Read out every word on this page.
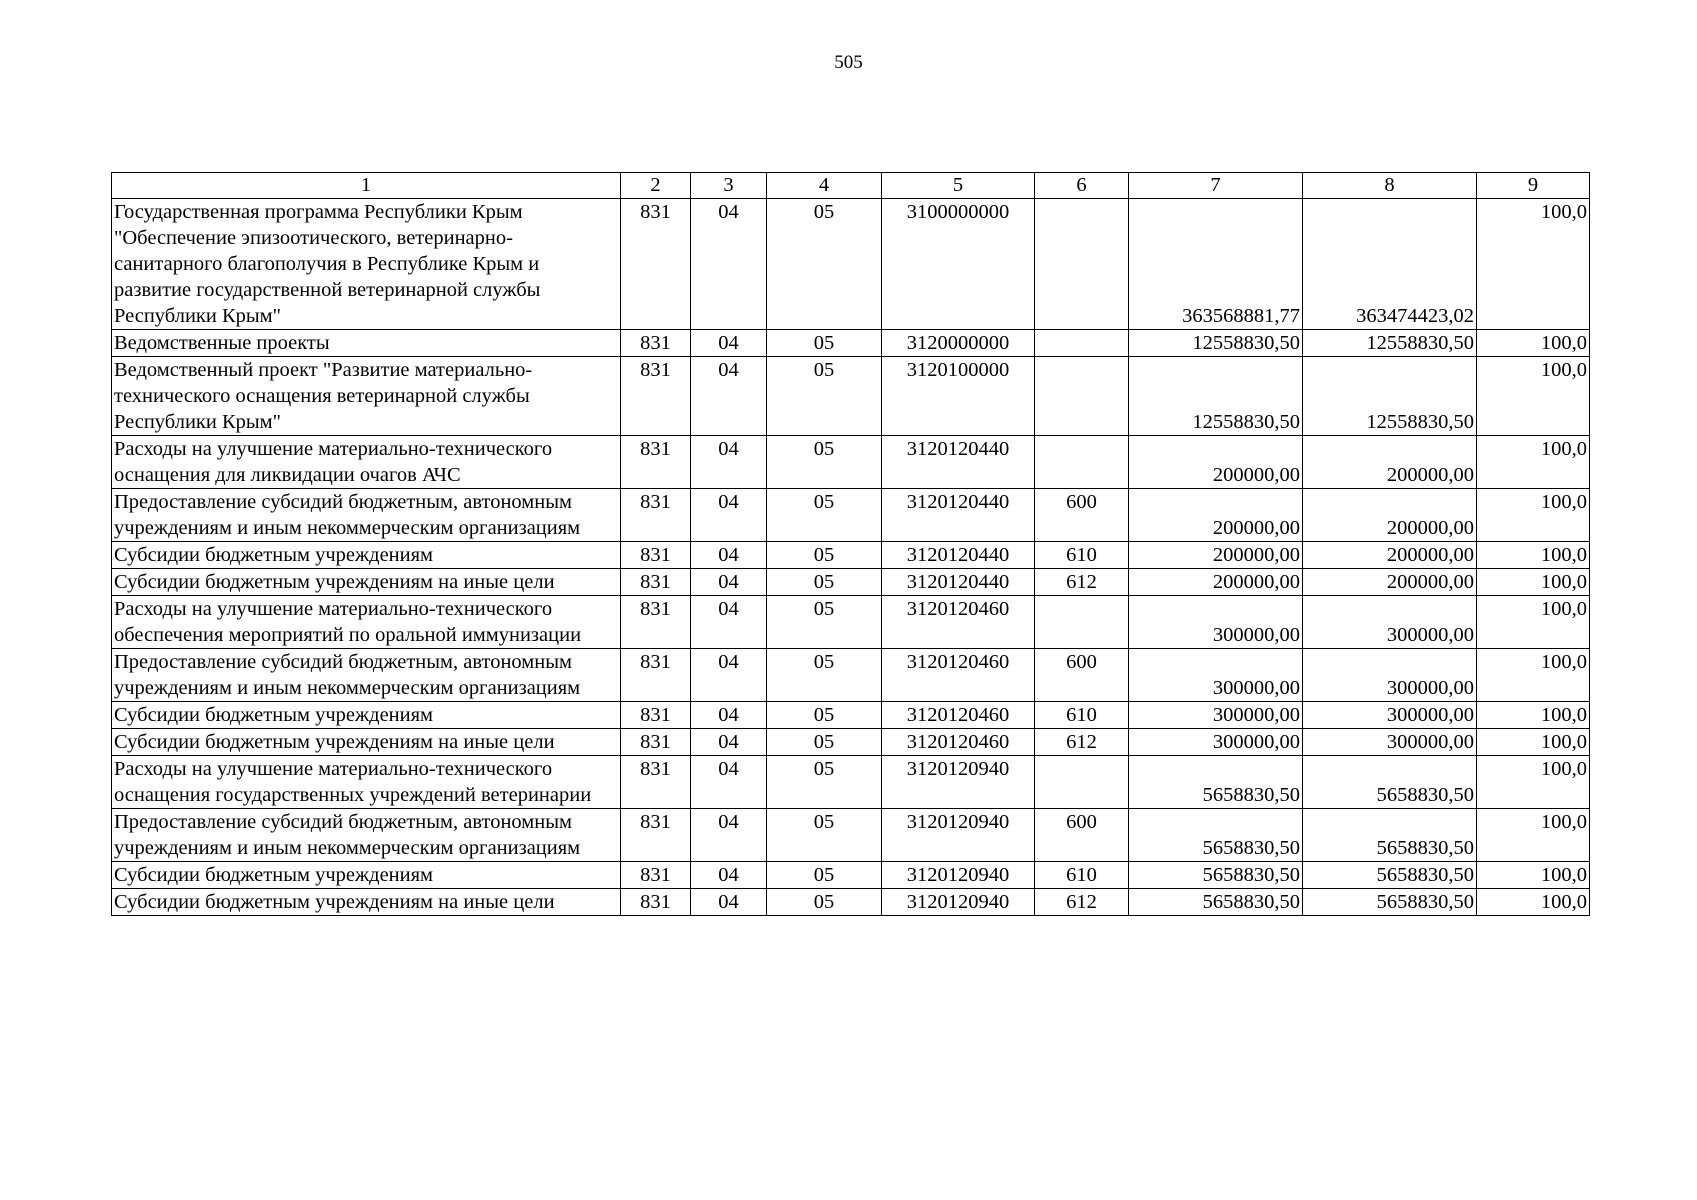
505
1	2	3	4	5	6	7	8	9
Государственная программа Республики Крым "Обеспечение эпизоотического, ветеринарно-санитарного благополучия в Республике Крым и развитие государственной ветеринарной службы Республики Крым"	831	04	05	3100000000		363568881,77	363474423,02	100,0
Ведомственные проекты	831	04	05	3120000000		12558830,50	12558830,50	100,0
Ведомственный проект "Развитие материально-технического оснащения ветеринарной службы Республики Крым"	831	04	05	3120100000		12558830,50	12558830,50	100,0
Расходы на улучшение материально-технического оснащения для ликвидации очагов АЧС	831	04	05	3120120440		200000,00	200000,00	100,0
Предоставление субсидий бюджетным, автономным учреждениям и иным некоммерческим организациям	831	04	05	3120120440	600	200000,00	200000,00	100,0
Субсидии бюджетным учреждениям	831	04	05	3120120440	610	200000,00	200000,00	100,0
Субсидии бюджетным учреждениям на иные цели	831	04	05	3120120440	612	200000,00	200000,00	100,0
Расходы на улучшение материально-технического обеспечения мероприятий по оральной иммунизации	831	04	05	3120120460		300000,00	300000,00	100,0
Предоставление субсидий бюджетным, автономным учреждениям и иным некоммерческим организациям	831	04	05	3120120460	600	300000,00	300000,00	100,0
Субсидии бюджетным учреждениям	831	04	05	3120120460	610	300000,00	300000,00	100,0
Субсидии бюджетным учреждениям на иные цели	831	04	05	3120120460	612	300000,00	300000,00	100,0
Расходы на улучшение материально-технического оснащения государственных учреждений ветеринарии	831	04	05	3120120940		5658830,50	5658830,50	100,0
Предоставление субсидий бюджетным, автономным учреждениям и иным некоммерческим организациям	831	04	05	3120120940	600	5658830,50	5658830,50	100,0
Субсидии бюджетным учреждениям	831	04	05	3120120940	610	5658830,50	5658830,50	100,0
Субсидии бюджетным учреждениям на иные цели	831	04	05	3120120940	612	5658830,50	5658830,50	100,0
